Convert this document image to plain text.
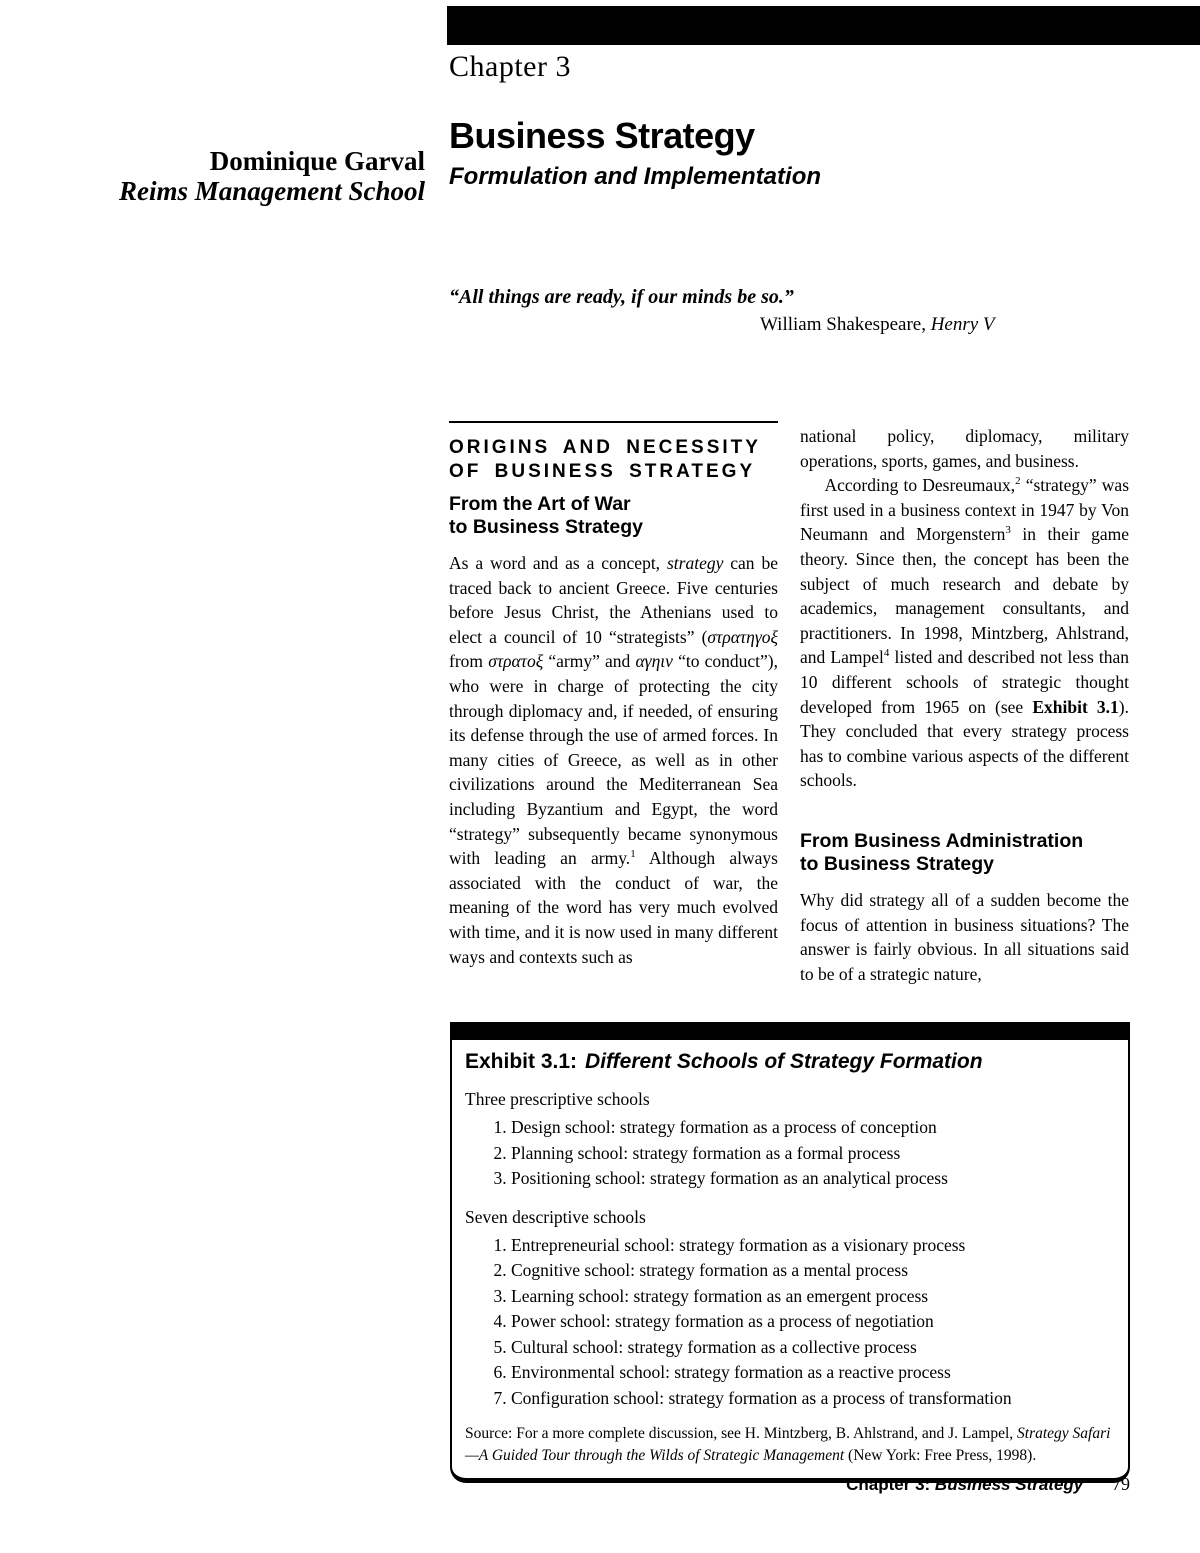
Chapter 3
Dominique Garval
Reims Management School
Business Strategy
Formulation and Implementation
“All things are ready, if our minds be so.”
William Shakespeare, Henry V
ORIGINS AND NECESSITY
OF BUSINESS STRATEGY
From the Art of War
to Business Strategy

As a word and as a concept, strategy can be traced back to ancient Greece. Five centuries before Jesus Christ, the Athenians used to elect a council of 10 “strategists” (στρατηγοξ from στρατοξ “army” and αγηιν “to conduct”), who were in charge of protecting the city through diplomacy and, if needed, of ensuring its defense through the use of armed forces. In many cities of Greece, as well as in other civilizations around the Mediterranean Sea including Byzantium and Egypt, the word “strategy” subsequently became synonymous with leading an army.$^1$ Although always associated with the conduct of war, the meaning of the word has very much evolved with time, and it is now used in many different ways and contexts such as

national policy, diplomacy, military operations, sports, games, and business.

According to Desreumaux,$^2$ “strategy” was first used in a business context in 1947 by Von Neumann and Morgenstern$^3$ in their game theory. Since then, the concept has been the subject of much research and debate by academics, management consultants, and practitioners. In 1998, Mintzberg, Ahlstrand, and Lampel$^4$ listed and described not less than 10 different schools of strategic thought developed from 1965 on (see Exhibit 3.1). They concluded that every strategy process has to combine various aspects of the different schools.

From Business Administration
to Business Strategy

Why did strategy all of a sudden become the focus of attention in business situations? The answer is fairly obvious. In all situations said to be of a strategic nature,

Exhibit 3.1: Different Schools of Strategy Formation
Three prescriptive schools
1. Design school: strategy formation as a process of conception
2. Planning school: strategy formation as a formal process
3. Positioning school: strategy formation as an analytical process
Seven descriptive schools
1. Entrepreneurial school: strategy formation as a visionary process
2. Cognitive school: strategy formation as a mental process
3. Learning school: strategy formation as an emergent process
4. Power school: strategy formation as a process of negotiation
5. Cultural school: strategy formation as a collective process
6. Environmental school: strategy formation as a reactive process
7. Configuration school: strategy formation as a process of transformation
Source: For a more complete discussion, see H. Mintzberg, B. Ahlstrand, and J. Lampel, Strategy Safari—A Guided Tour through the Wilds of Strategic Management (New York: Free Press, 1998).
Chapter 3: Business Strategy 79
